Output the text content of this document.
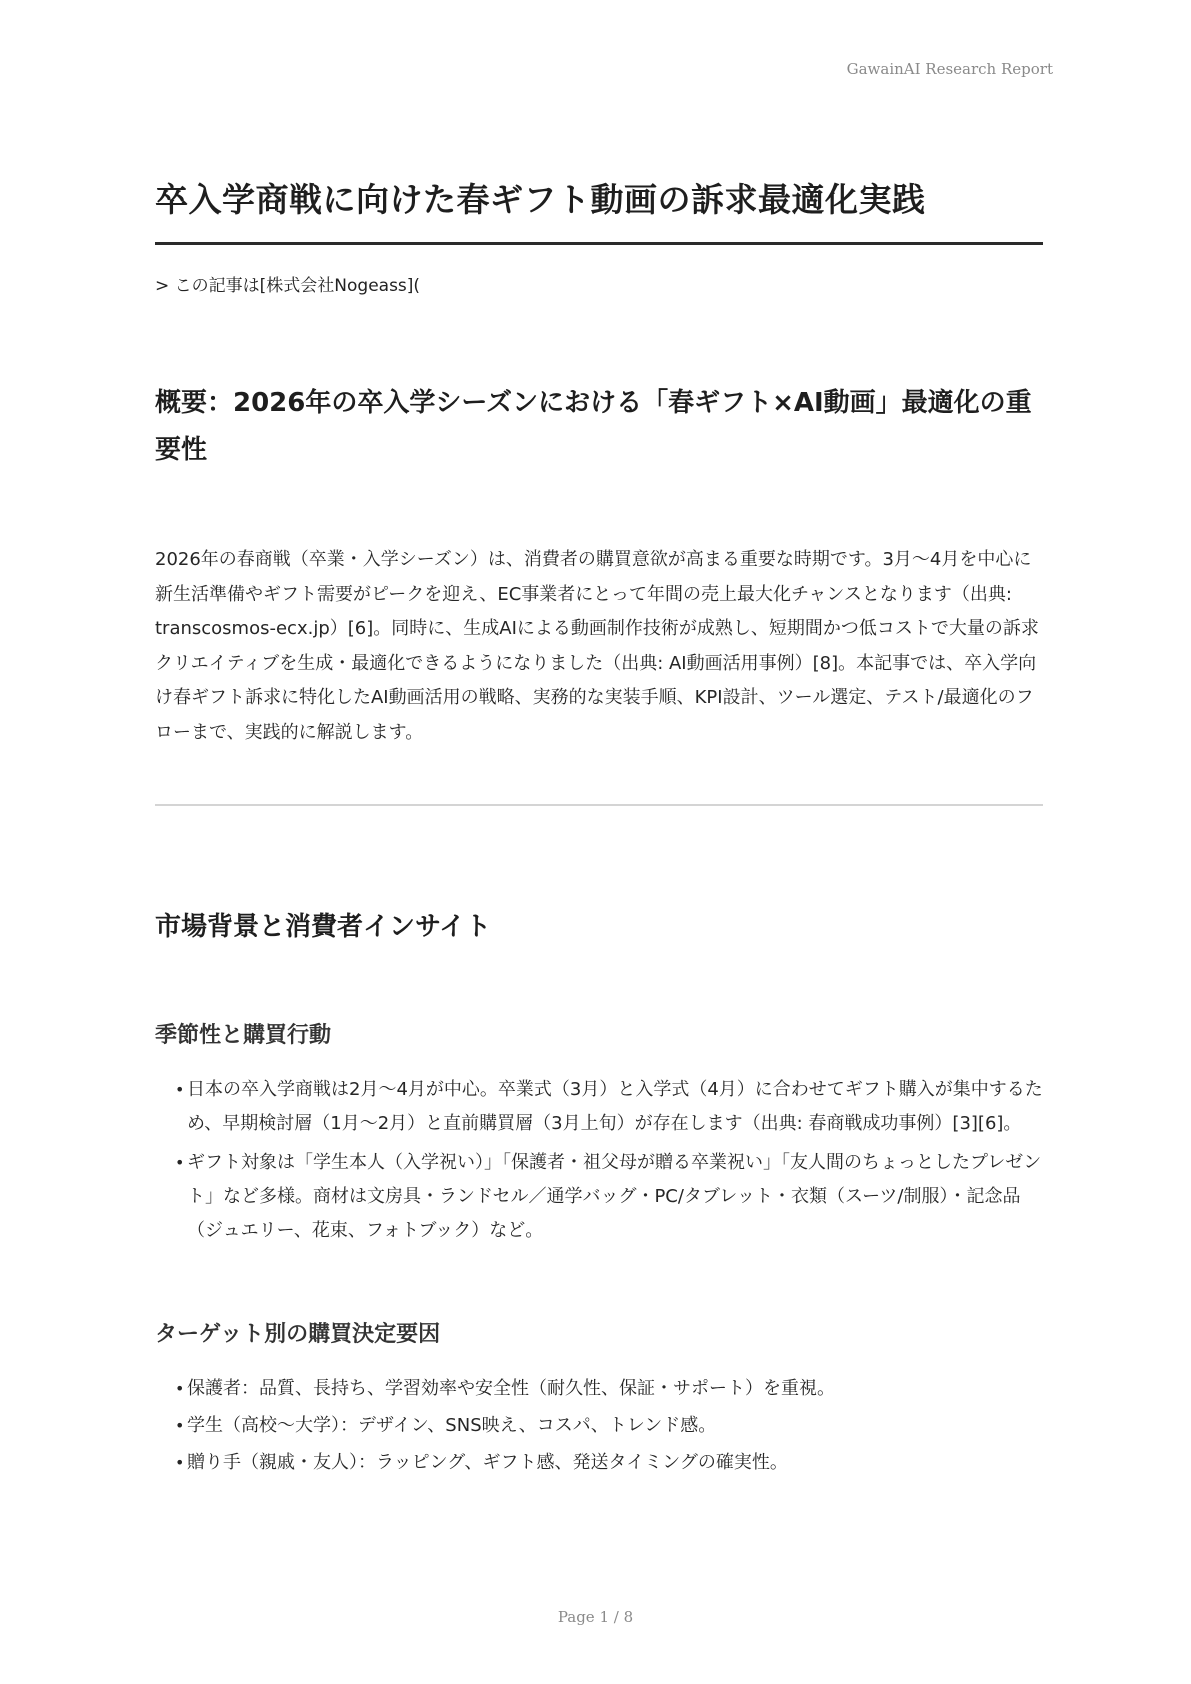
GawainAI Research Report
卒入学商戦に向けた春ギフト動画の訴求最適化実践
> この記事は[株式会社Nogeass](
概要：2026年の卒入学シーズンにおける「春ギフト×AI動画」最適化の重要性

2026年の春商戦（卒業・入学シーズン）は、消費者の購買意欲が高まる重要な時期です。3月〜4月を中心に新生活準備やギフト需要がピークを迎え、EC事業者にとって年間の売上最大化チャンスとなります（出典: transcosmos-ecx.jp）[6]。同時に、生成AIによる動画制作技術が成熟し、短期間かつ低コストで大量の訴求クリエイティブを生成・最適化できるようになりました（出典: AI動画活用事例）[8]。本記事では、卒入学向け春ギフト訴求に特化したAI動画活用の戦略、実務的な実装手順、KPI設計、ツール選定、テスト/最適化のフローまで、実践的に解説します。

市場背景と消費者インサイト
季節性と購買行動
• 日本の卒入学商戦は2月〜4月が中心。卒業式（3月）と入学式（4月）に合わせてギフト購入が集中するため、早期検討層（1月〜2月）と直前購買層（3月上旬）が存在します（出典: 春商戦成功事例）[3][6]。
• ギフト対象は「学生本人（入学祝い）」「保護者・祖父母が贈る卒業祝い」「友人間のちょっとしたプレゼント」など多様。商材は文房具・ランドセル／通学バッグ・PC/タブレット・衣類（スーツ/制服）・記念品（ジュエリー、花束、フォトブック）など。
ターゲット別の購買決定要因
• 保護者：品質、長持ち、学習効率や安全性（耐久性、保証・サポート）を重視。
• 学生（高校〜大学）：デザイン、SNS映え、コスパ、トレンド感。
• 贈り手（親戚・友人）：ラッピング、ギフト感、発送タイミングの確実性。
Page 1 / 8
